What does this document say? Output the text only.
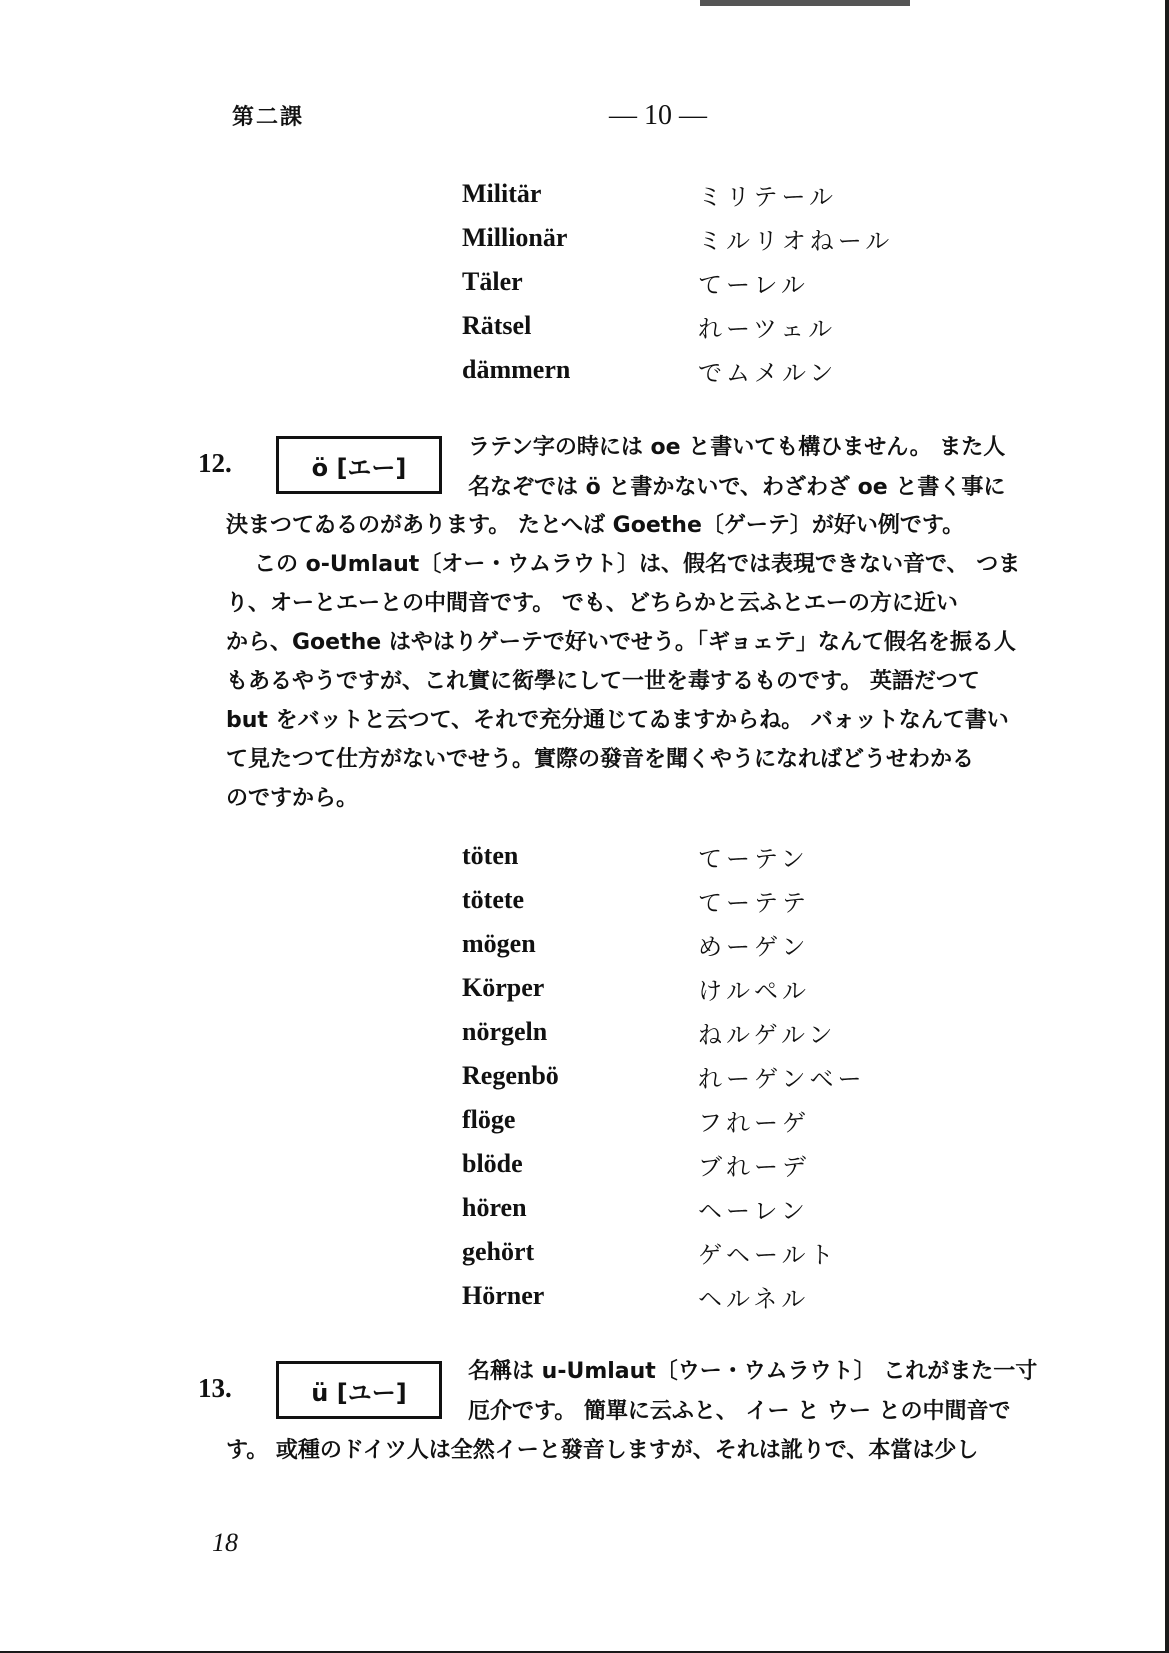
第二課	— 10 —
Militär	ミリテール
Millionär	ミルリオねール
Täler	てーレル
Rätsel	れーツェル
dämmern	でムメルン
12.	ö [エー]
ラテン字の時には oe と書いても構ひません。 また人
名なぞでは ö と書かないで、わざわざ oe と書く事に
決まつてゐるのがあります。 たとへば Goethe〔ゲーテ〕が好い例です。
この o-Umlaut〔オー・ウムラウト〕は、假名では表現できない音で、 つま
り、オーとエーとの中間音です。 でも、どちらかと云ふとエーの方に近い
から、Goethe はやはりゲーテで好いでせう。「ギョェテ」なんて假名を振る人
もあるやうですが、これ實に衒學にして一世を毒するものです。 英語だつて
but をバットと云つて、それで充分通じてゐますからね。 バォットなんて書い
て見たつて仕方がないでせう。實際の發音を聞くやうになればどうせわかる
のですから。
töten	てーテン
tötete	てーテテ
mögen	めーゲン
Körper	けルペル
nörgeln	ねルゲルン
Regenbö	れーゲンベー
flöge	フれーゲ
blöde	ブれーデ
hören	ヘーレン
gehört	ゲヘールト
Hörner	ヘルネル
13.	ü [ユー]
名稱は u-Umlaut〔ウー・ウムラウト〕 これがまた一寸
厄介です。 簡單に云ふと、 イー と ウー との中間音で
す。 或種のドイツ人は全然イーと發音しますが、それは訛りで、本當は少し
18
